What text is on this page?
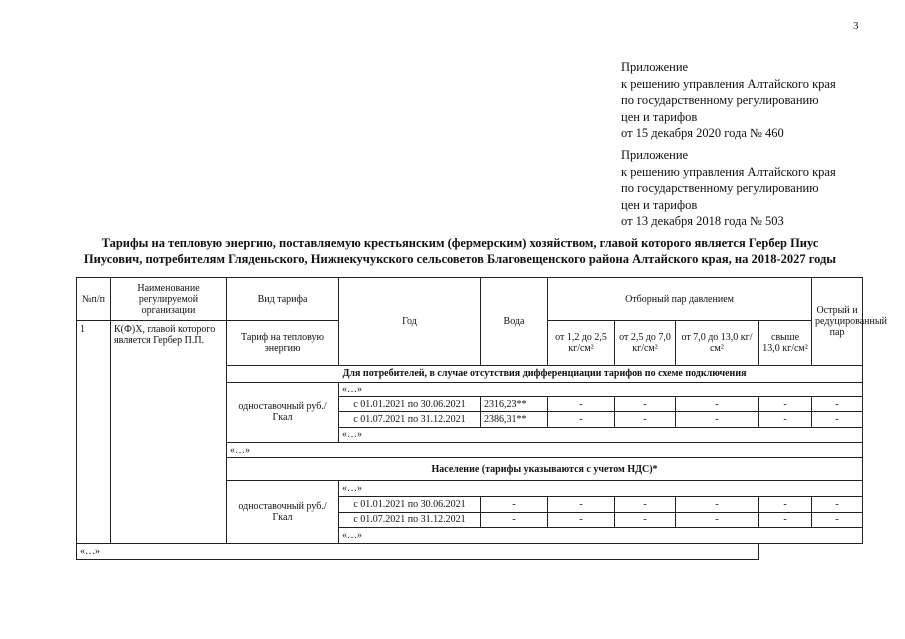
3
Приложение
к решению управления Алтайского края
по государственному регулированию
цен и тарифов
от 15 декабря 2020 года № 460
Приложение
к решению управления Алтайского края
по государственному регулированию
цен и тарифов
от 13 декабря 2018 года № 503
Тарифы на тепловую энергию, поставляемую крестьянским (фермерским) хозяйством, главой которого является Гербер Пиус
Пиусович, потребителям Гляденьского, Нижнекучукского сельсоветов Благовещенского района Алтайского края, на 2018-2027 годы
№п/п	Наименование регулируемой организации	Вид тарифа	Год	Вода	Отборный пар давлением				Острый и редуцированный пар
1	К(Ф)Х, главой которого является Гербер П.П.	Тариф на тепловую энергию			от 1,2 до 2,5 кг/см²	от 2,5 до 7,0 кг/см²	от 7,0 до 13,0 кг/см²	свыше 13,0 кг/см²	
		Для потребителей, в случае отсутствия дифференциации тарифов по схеме подключения							
		одноставочный руб./Гкал	«…»						
			с 01.01.2021 по 30.06.2021	2316,23**	-	-	-	-	-
			с 01.07.2021 по 31.12.2021	2386,31**	-	-	-	-	-
			«…»						
		«…»							
		Население (тарифы указываются с учетом НДС)*							
		одноставочный руб./Гкал	«…»						
			с 01.01.2021 по 30.06.2021	-	-	-	-	-	-
			с 01.07.2021 по 31.12.2021	-	-	-	-	-	-
			«…»						
«…»									
